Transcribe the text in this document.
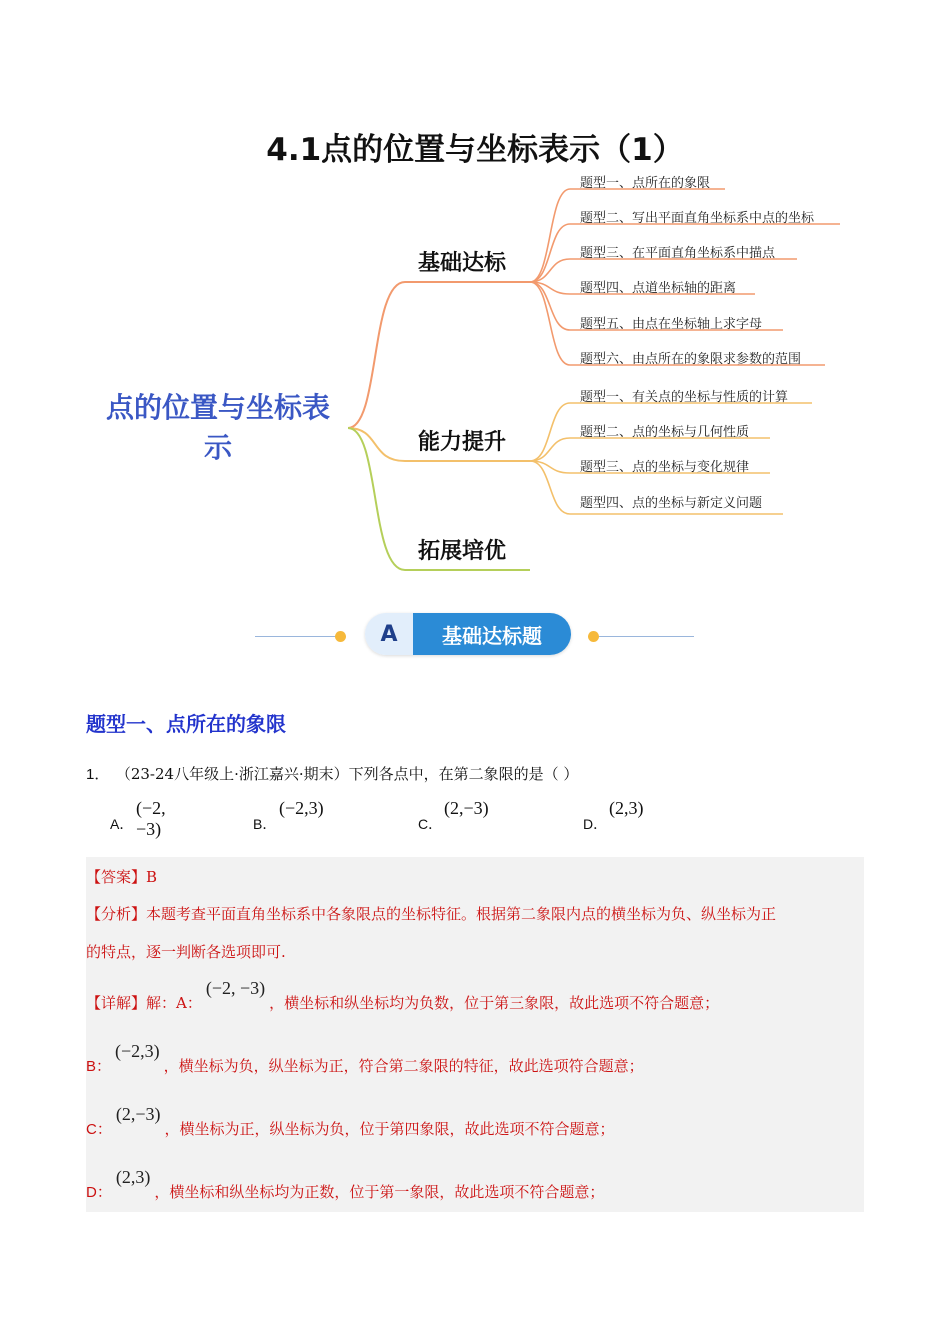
4.1点的位置与坐标表示（1）
点的位置与坐标表示
基础达标
能力提升
拓展培优
题型一、点所在的象限
题型二、写出平面直角坐标系中点的坐标
题型三、在平面直角坐标系中描点
题型四、点道坐标轴的距离
题型五、由点在坐标轴上求字母
题型六、由点所在的象限求参数的范围
题型一、有关点的坐标与性质的计算
题型二、点的坐标与几何性质
题型三、点的坐标与变化规律
题型四、点的坐标与新定义问题
A	基础达标题
题型一、点所在的象限
1． （23-24八年级上·浙江嘉兴·期末）下列各点中，在第二象限的是（ ）
A．
(−2, −3)	B．
(−2,3)
C．
(2,−3)
D．
(2,3)
【答案】B
【分析】本题考查平面直角坐标系中各象限点的坐标特征。根据第二象限内点的横坐标为负、纵坐标为正
的特点，逐一判断各选项即可.
【详解】解：A：(−2, −3)，横坐标和纵坐标均为负数，位于第三象限，故此选项不符合题意；
B：(−2,3)，横坐标为负，纵坐标为正，符合第二象限的特征，故此选项符合题意；
C：(2,−3)，横坐标为正，纵坐标为负，位于第四象限，故此选项不符合题意；
D：(2,3)，横坐标和纵坐标均为正数，位于第一象限，故此选项不符合题意；
